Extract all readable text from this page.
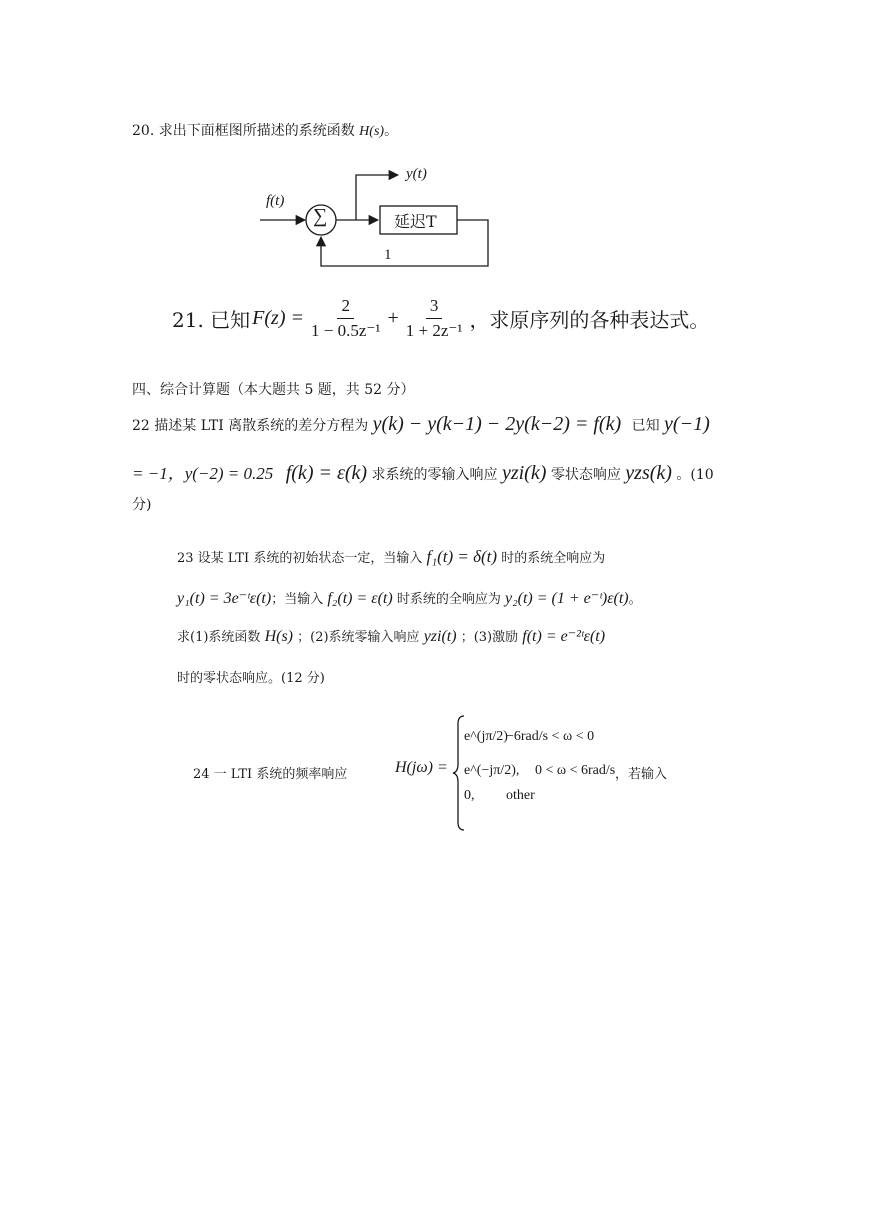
20. 求出下面框图所描述的系统函数 H(s)。
f(t)
y(t)
∑	延迟T
1
21. 已知 $F(z) = \frac{2}{\text{1 − 0.5z⁻¹}} + \frac{3}{\text{1 + 2z⁻¹}}$ ，求原序列的各种表达式。
四、综合计算题（本大题共 5 题，共 52 分）
22 描述某 LTI 离散系统的差分方程为 y(k) − y(k−1) − 2y(k−2) = f(k) 已知 y(−1)
= −1，y(−2) = 0.25 f(k) = ε(k) 求系统的零输入响应 yzi(k) 零状态响应 yzs(k) 。(10
分)
23 设某 LTI 系统的初始状态一定，当输入 f₁(t) = δ(t) 时的系统全响应为
y₁(t) = 3e⁻ᵗε(t)；当输入 f₂(t) = ε(t) 时系统的全响应为 y₂(t) = (1 + e⁻ᵗ)ε(t)。
求(1)系统函数 H(s) ；(2)系统零输入响应 yzi(t) ；(3)激励 f(t) = e⁻²ᵗε(t)
时的零状态响应。(12 分)
24 一 LTI 系统的频率响应	H(jω) =
e^(jπ/2)
−6rad/s < ω < 0
e^(−jπ/2), 0 < ω < 6rad/s ，若输入
0, other
